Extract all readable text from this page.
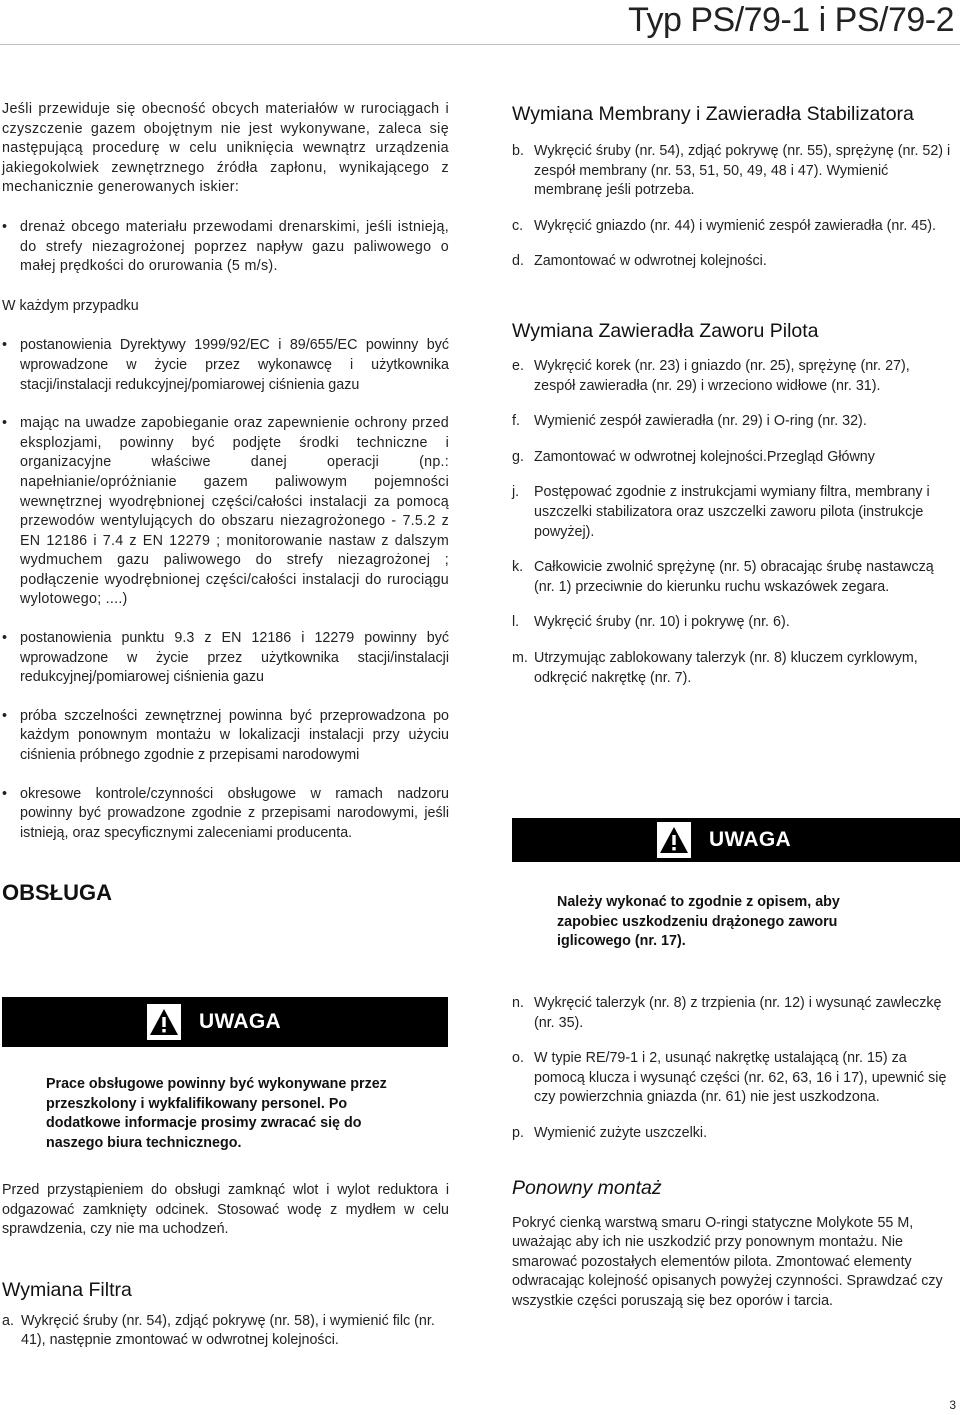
Typ PS/79-1 i PS/79-2

Jeśli przewiduje się obecność obcych materiałów w rurociągach i czyszczenie gazem obojętnym nie jest wykonywane, zaleca się następującą procedurę w celu uniknięcia wewnątrz urządzenia jakiegokolwiek zewnętrznego źródła zapłonu, wynikającego z mechanicznie generowanych iskier:

• drenaż obcego materiału przewodami drenarskimi, jeśli istnieją, do strefy niezagrożonej poprzez napływ gazu paliwowego o małej prędkości do orurowania (5 m/s).

W każdym przypadku

• postanowienia Dyrektywy 1999/92/EC i 89/655/EC powinny być wprowadzone w życie przez wykonawcę i użytkownika stacji/instalacji redukcyjnej/pomiarowej ciśnienia gazu
• mając na uwadze zapobieganie oraz zapewnienie ochrony przed eksplozjami, powinny być podjęte środki techniczne i organizacyjne właściwe danej operacji (np.: napełnianie/opróżnianie gazem paliwowym pojemności wewnętrznej wyodrębnionej części/całości instalacji za pomocą przewodów wentylujących do obszaru niezagrożonego - 7.5.2 z EN 12186 i 7.4 z EN 12279 ; monitorowanie nastaw z dalszym wydmuchem gazu paliwowego do strefy niezagrożonej ; podłączenie wyodrębnionej części/całości instalacji do rurociągu wylotowego; ....)
• postanowienia punktu 9.3 z EN 12186 i 12279 powinny być wprowadzone w życie przez użytkownika stacji/instalacji redukcyjnej/pomiarowej ciśnienia gazu
• próba szczelności zewnętrznej powinna być przeprowadzona po każdym ponownym montażu w lokalizacji instalacji przy użyciu ciśnienia próbnego zgodnie z przepisami narodowymi
• okresowe kontrole/czynności obsługowe w ramach nadzoru powinny być prowadzone zgodnie z przepisami narodowymi, jeśli istnieją, oraz specyficznymi zaleceniami producenta.
OBSŁUGA
UWAGA

Prace obsługowe powinny być wykonywane przez przeszkolony i wykfalifikowany personel. Po dodatkowe informacje prosimy zwracać się do naszego biura technicznego.

Przed przystąpieniem do obsługi zamknąć wlot i wylot reduktora i odgazować zamknięty odcinek. Stosować wodę z mydłem w celu sprawdzenia, czy nie ma uchodzeń.

Wymiana Filtra
a. Wykręcić śruby (nr. 54), zdjąć pokrywę (nr. 58), i wymienić filc (nr. 41), następnie zmontować w odwrotnej kolejności.
Wymiana Membrany i Zawieradła Stabilizatora
b. Wykręcić śruby (nr. 54), zdjąć pokrywę (nr. 55), sprężynę (nr. 52) i zespół membrany (nr. 53, 51, 50, 49, 48 i 47). Wymienić membranę jeśli potrzeba.
c. Wykręcić gniazdo (nr. 44) i wymienić zespół zawieradła (nr. 45).
d. Zamontować w odwrotnej kolejności.
Wymiana Zawieradła Zaworu Pilota
e. Wykręcić korek (nr. 23) i gniazdo (nr. 25), sprężynę (nr. 27), zespół zawieradła (nr. 29) i wrzeciono widłowe (nr. 31).
f. Wymienić zespół zawieradła (nr. 29) i O-ring (nr. 32).
g. Zamontować w odwrotnej kolejności.Przegląd Główny
j. Postępować zgodnie z instrukcjami wymiany filtra, membrany i uszczelki stabilizatora oraz uszczelki zaworu pilota (instrukcje powyżej).
k. Całkowicie zwolnić sprężynę (nr. 5) obracając śrubę nastawczą (nr. 1) przeciwnie do kierunku ruchu wskazówek zegara.
l. Wykręcić śruby (nr. 10) i pokrywę (nr. 6).
m. Utrzymując zablokowany talerzyk (nr. 8) kluczem cyrklowym, odkręcić nakrętkę (nr. 7).
UWAGA

Należy wykonać to zgodnie z opisem, aby zapobiec uszkodzeniu drążonego zaworu iglicowego (nr. 17).

n. Wykręcić talerzyk (nr. 8) z trzpienia (nr. 12) i wysunąć zawleczkę (nr. 35).
o. W typie RE/79-1 i 2, usunąć nakrętkę ustalającą (nr. 15) za pomocą klucza i wysunąć części (nr. 62, 63, 16 i 17), upewnić się czy powierzchnia gniazda (nr. 61) nie jest uszkodzona.
p. Wymienić zużyte uszczelki.
Ponowny montaż

Pokryć cienką warstwą smaru O-ringi statyczne Molykote 55 M, uważając aby ich nie uszkodzić przy ponownym montażu. Nie smarować pozostałych elementów pilota. Zmontować elementy odwracając kolejność opisanych powyżej czynności. Sprawdzać czy wszystkie części poruszają się bez oporów i tarcia.

3
